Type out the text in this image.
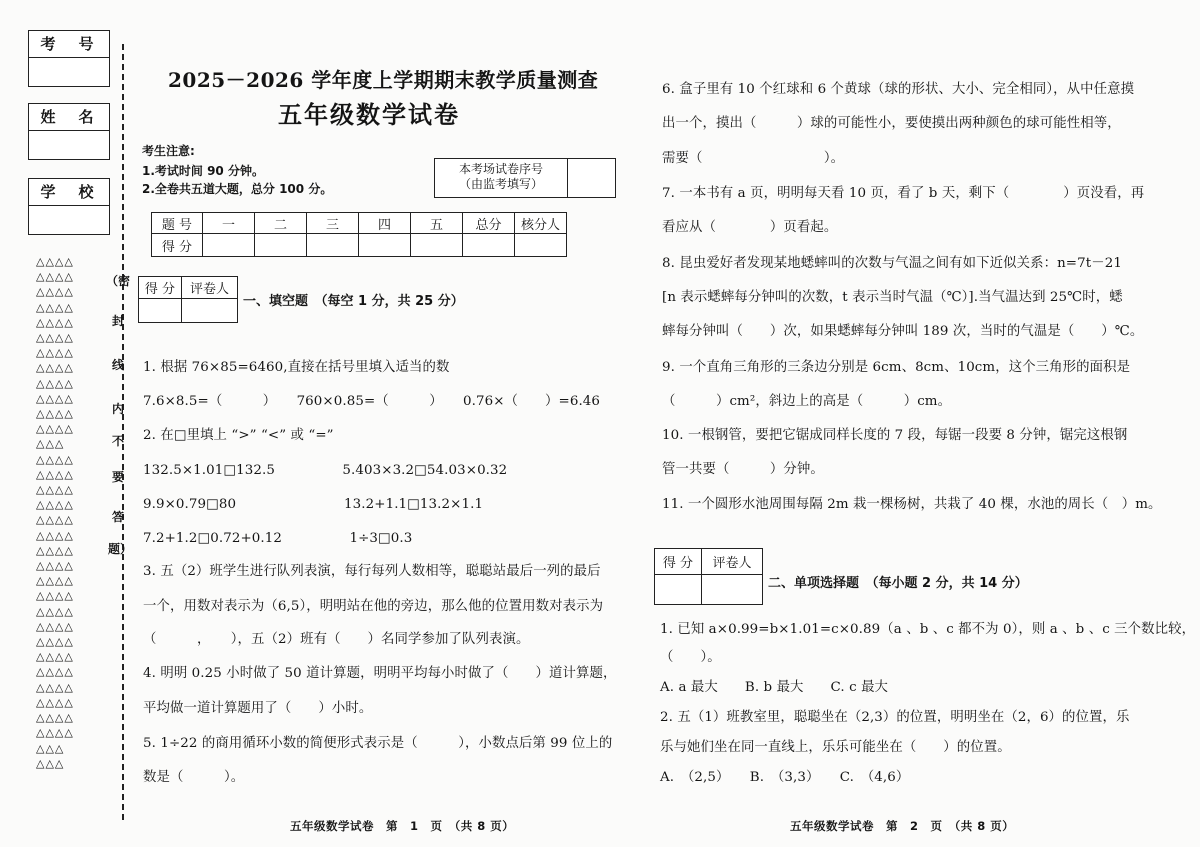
考　号
姓　名
学　校
△△△△
△△△△
△△△△
△△△△
△△△△
△△△△
△△△△
△△△△
△△△△
△△△△
△△△△
△△△△
△△△
△△△△
△△△△
△△△△
△△△△
△△△△
△△△△
△△△△
△△△△
△△△△
△△△△
△△△△
△△△△
△△△△
△△△△
△△△△
△△△△
△△△△
△△△△
△△△△
△△△
△△△
（密
封
线
内
不
要
答
题）
2025－2026 学年度上学期期末教学质量测查
五年级数学试卷
考生注意:
1.考试时间 90 分钟。
2.全卷共五道大题，总分 100 分。
本考场试卷序号
（由监考填写）
题 号	一	二	三	四	五	总分	核分人
得 分							
得 分	评卷人

一、填空题　（每空 1 分，共 25 分）
1. 根据 76×85=6460,直接在括号里填入适当的数
7.6×8.5=（　　　）　　760×0.85=（　　　）　　0.76×（　　）=6.46
2. 在□里填上 “>” “<” 或 “=”
132.5×1.01□132.5　　　　　5.403×3.2□54.03×0.32
9.9×0.79□80　　　　　　　　13.2+1.1□13.2×1.1
7.2+1.2□0.72+0.12　　　　　1÷3□0.3
3. 五（2）班学生进行队列表演，每行每列人数相等，聪聪站最后一列的最后
一个，用数对表示为（6,5），明明站在他的旁边，那么他的位置用数对表示为
（　　　，　　），五（2）班有（　　）名同学参加了队列表演。
4. 明明 0.25 小时做了 50 道计算题，明明平均每小时做了（　　）道计算题，
平均做一道计算题用了（　　）小时。
5. 1÷22 的商用循环小数的简便形式表示是（　　　），小数点后第 99 位上的
数是（　　　）。
6. 盒子里有 10 个红球和 6 个黄球（球的形状、大小、完全相同），从中任意摸
出一个，摸出（　　　）球的可能性小，要使摸出两种颜色的球可能性相等，
需要（　　　　　　　　　）。
7. 一本书有 a 页，明明每天看 10 页，看了 b 天，剩下（　　　　）页没看，再
看应从（　　　　）页看起。
8. 昆虫爱好者发现某地蟋蟀叫的次数与气温之间有如下近似关系：n=7t－21
[n 表示蟋蟀每分钟叫的次数，t 表示当时气温（℃）].当气温达到 25℃时，蟋
蟀每分钟叫（　　）次，如果蟋蟀每分钟叫 189 次，当时的气温是（　　）℃。
9. 一个直角三角形的三条边分别是 6cm、8cm、10cm，这个三角形的面积是
（　　　）cm²，斜边上的高是（　　　）cm。
10. 一根钢管，要把它锯成同样长度的 7 段，每锯一段要 8 分钟，锯完这根钢
管一共要（　　　）分钟。
11. 一个圆形水池周围每隔 2m 栽一棵杨树，共栽了 40 棵，水池的周长（　）m。
得 分	评卷人

二、单项选择题　（每小题 2 分，共 14 分）
1. 已知 a×0.99=b×1.01=c×0.89（a 、b 、c 都不为 0），则 a 、b 、c 三个数比较，
（　　）。
A. a 最大　　B. b 最大　　C. c 最大
2. 五（1）班教室里，聪聪坐在（2,3）的位置，明明坐在（2，6）的位置，乐
乐与她们坐在同一直线上，乐乐可能坐在（　　）的位置。
A.　（2,5）　　B.　（3,3）　　C.　（4,6）
五年级数学试卷　第　1　页　（共 8 页）	五年级数学试卷　第　2　页　（共 8 页）
